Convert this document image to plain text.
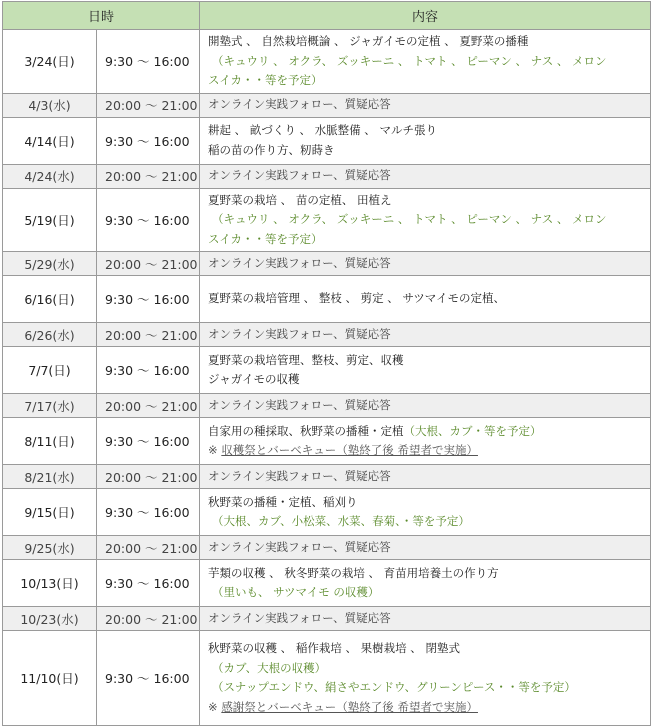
日時		内容
3/24(日)	9:30 ～ 16:00	開塾式 、 自然栽培概論 、 ジャガイモの定植 、 夏野菜の播種
（キュウリ 、 オクラ、 ズッキーニ 、 トマト 、 ピーマン 、 ナス 、 メロン
スイカ・・等を予定）

4/3(水)	20:00 ～ 21:00	オンライン実践フォロー、質疑応答

4/14(日)	9:30 ～ 16:00	耕起 、 畝づくり 、 水脈整備 、 マルチ張り
稲の苗の作り方、籾蒔き

4/24(水)	20:00 ～ 21:00	オンライン実践フォロー、質疑応答

5/19(日)	9:30 ～ 16:00	夏野菜の栽培 、 苗の定植、 田植え
（キュウリ 、 オクラ、 ズッキーニ 、 トマト 、 ピーマン 、 ナス 、 メロン
スイカ・・等を予定）

5/29(水)	20:00 ～ 21:00	オンライン実践フォロー、質疑応答

6/16(日)	9:30 ～ 16:00	夏野菜の栽培管理 、 整枝 、 剪定 、 サツマイモの定植、

6/26(水)	20:00 ～ 21:00	オンライン実践フォロー、質疑応答

7/7(日)	9:30 ～ 16:00	夏野菜の栽培管理、整枝、剪定、収穫
ジャガイモの収穫

7/17(水)	20:00 ～ 21:00	オンライン実践フォロー、質疑応答

8/11(日)	9:30 ～ 16:00	自家用の種採取、秋野菜の播種・定植（大根、カブ・等を予定）
※ 収穫祭とバーベキュー（塾終了後 希望者で実施）

8/21(水)	20:00 ～ 21:00	オンライン実践フォロー、質疑応答

9/15(日)	9:30 ～ 16:00	秋野菜の播種・定植、稲刈り
（大根、カブ、小松菜、水菜、春菊、・等を予定）

9/25(水)	20:00 ～ 21:00	オンライン実践フォロー、質疑応答

10/13(日)	9:30 ～ 16:00	芋類の収穫 、 秋冬野菜の栽培 、 育苗用培養土の作り方
（里いも、 サツマイモ の収穫）

10/23(水)	20:00 ～ 21:00	オンライン実践フォロー、質疑応答

11/10(日)	9:30 ～ 16:00	秋野菜の収穫 、 稲作栽培 、 果樹栽培 、 閉塾式
（カブ、大根の収穫）
（スナップエンドウ、絹さやエンドウ、グリーンピース・・等を予定）
※ 感謝祭とバーベキュー（塾終了後 希望者で実施）
